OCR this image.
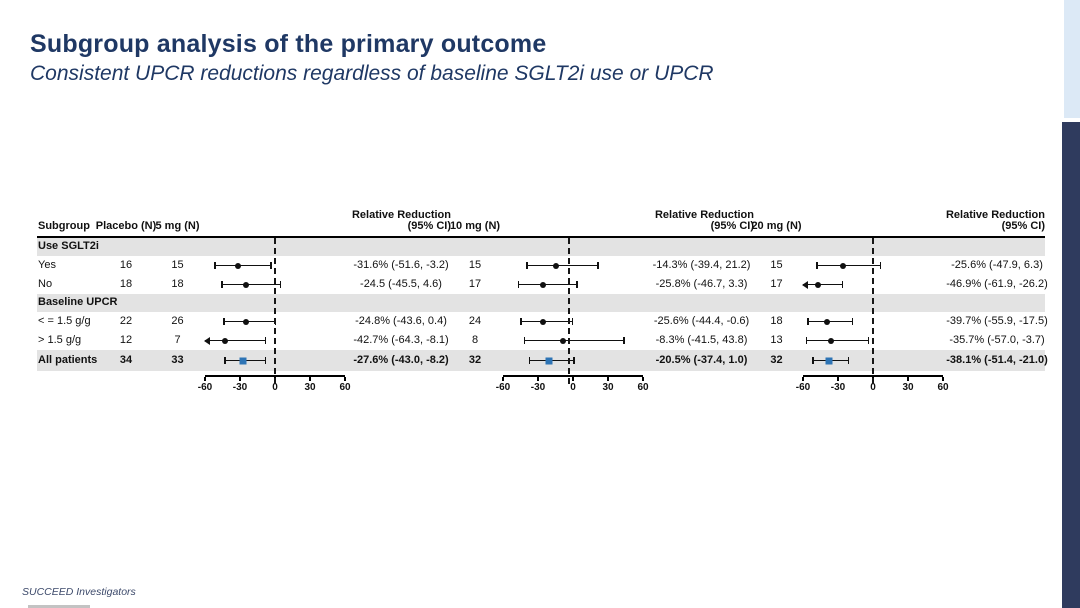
Subgroup analysis of the primary outcome
Consistent UPCR reductions regardless of baseline SGLT2i use or UPCR
Subgroup Placebo (N) 5 mg (N)
Relative Reduction
(95% CI)
10 mg (N)
Relative Reduction
(95% CI)
20 mg (N)
Relative Reduction
(95% CI)
Use SGLT2i
Yes	16	15	-31.6% (-51.6, -3.2)	15	-14.3% (-39.4, 21.2)	15	-25.6% (-47.9, 6.3)
No	18	18	-24.5 (-45.5, 4.6)	17	-25.8% (-46.7, 3.3)	17	-46.9% (-61.9, -26.2)
Baseline UPCR
< = 1.5 g/g	22	26	-24.8% (-43.6, 0.4)	24	-25.6% (-44.4, -0.6)	18	-39.7% (-55.9, -17.5)
> 1.5 g/g	12	7	-42.7% (-64.3, -8.1)	8	-8.3% (-41.5, 43.8)	13	-35.7% (-57.0, -3.7)
All patients	34	33	-27.6% (-43.0, -8.2)	32	-20.5% (-37.4, 1.0)	32	-38.1% (-51.4, -21.0)
-60 -30 0	30 60	-60 -30 0	30 60	-60 -30 0	30 60
SUCCEED Investigators
